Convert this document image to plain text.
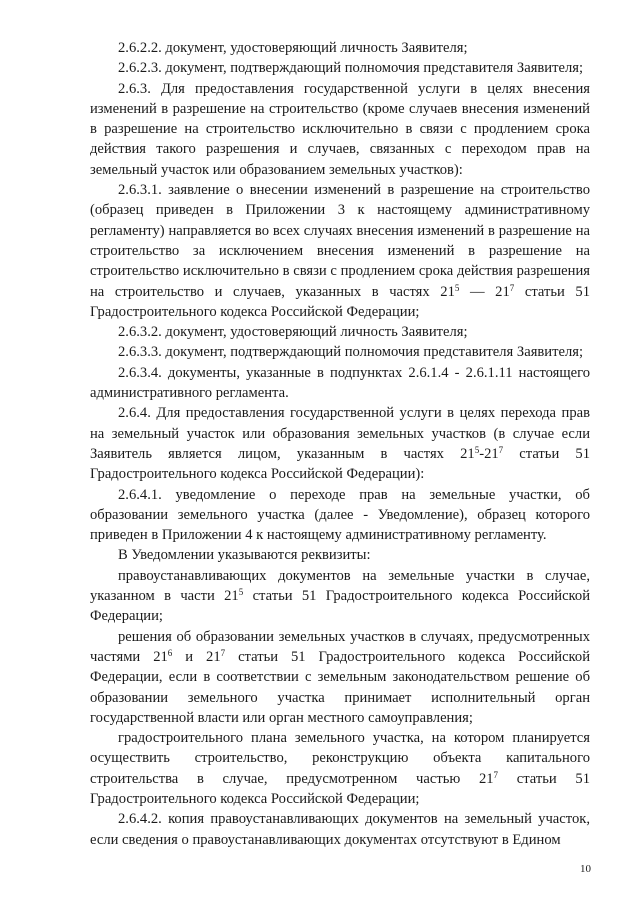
2.6.2.2. документ, удостоверяющий личность Заявителя;

2.6.2.3. документ, подтверждающий полномочия представителя Заявителя;

2.6.3. Для предоставления государственной услуги в целях внесения изменений в разрешение на строительство (кроме случаев внесения изменений в разрешение на строительство исключительно в связи с продлением срока действия такого разрешения и случаев, связанных с переходом прав на земельный участок или образованием земельных участков):

2.6.3.1. заявление о внесении изменений в разрешение на строительство (образец приведен в Приложении 3 к настоящему административному регламенту) направляется во всех случаях внесения изменений в разрешение на строительство за исключением внесения изменений в разрешение на строительство исключительно в связи с продлением срока действия разрешения на строительство и случаев, указанных в частях $21^5$ — $21^7$ статьи 51 Градостроительного кодекса Российской Федерации;

2.6.3.2. документ, удостоверяющий личность Заявителя;

2.6.3.3. документ, подтверждающий полномочия представителя Заявителя;

2.6.3.4. документы, указанные в подпунктах 2.6.1.4 - 2.6.1.11 настоящего административного регламента.

2.6.4. Для предоставления государственной услуги в целях перехода прав на земельный участок или образования земельных участков (в случае если Заявитель является лицом, указанным в частях $21^5-21^7$ статьи 51 Градостроительного кодекса Российской Федерации):

2.6.4.1. уведомление о переходе прав на земельные участки, об образовании земельного участка (далее - Уведомление), образец которого приведен в Приложении 4 к настоящему административному регламенту.

В Уведомлении указываются реквизиты:

правоустанавливающих документов на земельные участки в случае, указанном в части $21^5$ статьи 51 Градостроительного кодекса Российской Федерации;

решения об образовании земельных участков в случаях, предусмотренных частями $21^6$ и $21^7$ статьи 51 Градостроительного кодекса Российской Федерации, если в соответствии с земельным законодательством решение об образовании земельного участка принимает исполнительный орган государственной власти или орган местного самоуправления;

градостроительного плана земельного участка, на котором планируется осуществить строительство, реконструкцию объекта капитального строительства в случае, предусмотренном частью $21^7$ статьи 51 Градостроительного кодекса Российской Федерации;

2.6.4.2. копия правоустанавливающих документов на земельный участок, если сведения о правоустанавливающих документах отсутствуют в Едином

10
